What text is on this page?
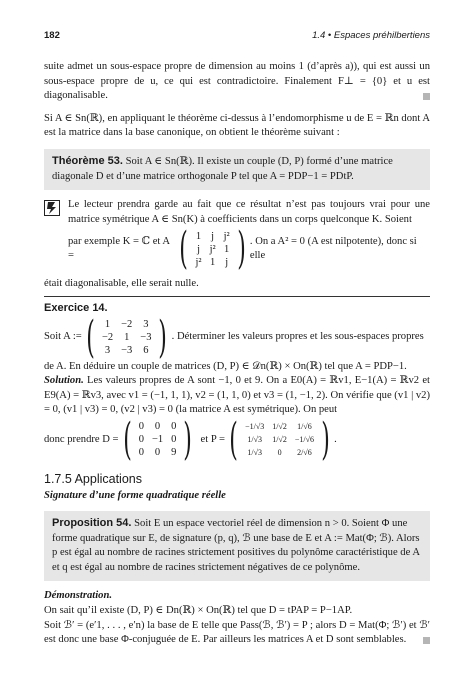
182	1.4 • Espaces préhilbertiens

suite admet un sous-espace propre de dimension au moins 1 (d’après a)), qui est aussi un sous-espace propre de u, ce qui est contradictoire. Finalement F⊥ = {0} et u est diagonalisable.

Si A ∈ Sn(ℝ), en appliquant le théorème ci-dessus à l’endomorphisme u de E = ℝn dont A est la matrice dans la base canonique, on obtient le théorème suivant :

Théorème 53. Soit A ∈ Sn(ℝ). Il existe un couple (D, P) formé d’une matrice diagonale D et d’une matrice orthogonale P tel que A = PDP−1 = PDtP.

Le lecteur prendra garde au fait que ce résultat n’est pas toujours vrai pour une matrice symétrique A ∈ Sn(K) à coefficients dans un corps quelconque K. Soient

par exemple K = ℂ et A =	( 1 j j²
j j² 1
j² 1 j ) . On a A² = 0 (A est nilpotente), donc si elle

était diagonalisable, elle serait nulle.

Exercice 14.
Soit A := ( 1 −2 3
−2 1 −3
3 −3 6 ) . Déterminer les valeurs propres et les sous-espaces propres

de A. En déduire un couple de matrices (D, P) ∈ 𝒟n(ℝ) × On(ℝ) tel que A = PDP−1.

Solution. Les valeurs propres de A sont −1, 0 et 9. On a E0(A) = ℝv1, E−1(A) = ℝv2 et E9(A) = ℝv3, avec v1 = (−1, 1, 1), v2 = (1, 1, 0) et v3 = (1, −1, 2). On vérifie que (v1 | v2) = 0, (v1 | v3) = 0, (v2 | v3) = 0 (la matrice A est symétrique). On peut

donc prendre D = ( 0 0 0
0 −1 0
0 0 9 ) et P = ( −1/√3 1/√2 1/√6
1/√3 1/√2 −1/√6
1/√3	0	2/√6 ) .
1.7.5 Applications
Signature d’une forme quadratique réelle
Proposition 54. Soit E un espace vectoriel réel de dimension n > 0. Soient Φ une forme quadratique sur E, de signature (p, q), ℬ une base de E et A := Mat(Φ; ℬ). Alors p est égal au nombre de racines strictement positives du polynôme caractéristique de A et q est égal au nombre de racines strictement négatives de ce polynôme.
Démonstration.

On sait qu’il existe (D, P) ∈ Dn(ℝ) × On(ℝ) tel que D = tPAP = P−1AP.

Soit ℬ′ = (e′1, . . . , e′n) la base de E telle que Pass(ℬ, ℬ′) = P ; alors D = Mat(Φ; ℬ′) et ℬ′ est donc une base Φ-conjuguée de E. Par ailleurs les matrices A et D sont semblables.
